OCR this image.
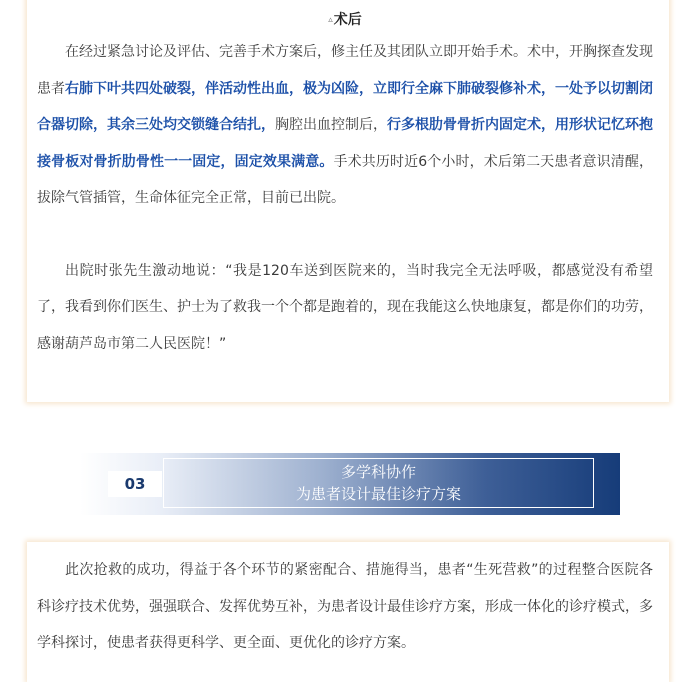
▵术后

在经过紧急讨论及评估、完善手术方案后，修主任及其团队立即开始手术。术中，开胸探查发现患者右肺下叶共四处破裂，伴活动性出血，极为凶险，立即行全麻下肺破裂修补术，一处予以切割闭合器切除，其余三处均交锁缝合结扎，胸腔出血控制后，行多根肋骨骨折内固定术，用形状记忆环抱接骨板对骨折肋骨性一一固定，固定效果满意。手术共历时近6个小时，术后第二天患者意识清醒，拔除气管插管，生命体征完全正常，目前已出院。

出院时张先生激动地说：“我是120车送到医院来的，当时我完全无法呼吸，都感觉没有希望了，我看到你们医生、护士为了救我一个个都是跑着的，现在我能这么快地康复，都是你们的功劳，感谢葫芦岛市第二人民医院！”

03
多学科协作
为患者设计最佳诊疗方案

此次抢救的成功，得益于各个环节的紧密配合、措施得当，患者“生死营救”的过程整合医院各科诊疗技术优势，强强联合、发挥优势互补，为患者设计最佳诊疗方案，形成一体化的诊疗模式，多学科探讨，使患者获得更科学、更全面、更优化的诊疗方案。
